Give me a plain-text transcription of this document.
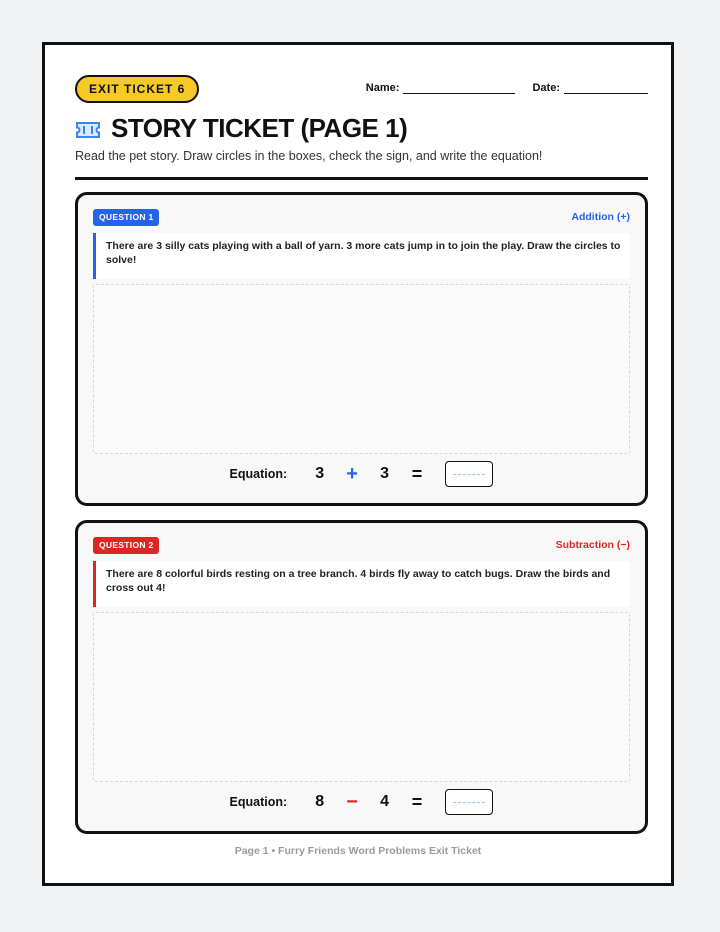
EXIT TICKET 6	Name:	Date:
STORY TICKET (PAGE 1)
Read the pet story. Draw circles in the boxes, check the sign, and write the equation!
QUESTION 1	Addition (+)
There are 3 silly cats playing with a ball of yarn. 3 more cats jump in to join the play. Draw the circles to solve!
Equation: 3 + 3 =
QUESTION 2	Subtraction (−)
There are 8 colorful birds resting on a tree branch. 4 birds fly away to catch bugs. Draw the birds and cross out 4!
Equation: 8 − 4 =
Page 1 • Furry Friends Word Problems Exit Ticket
